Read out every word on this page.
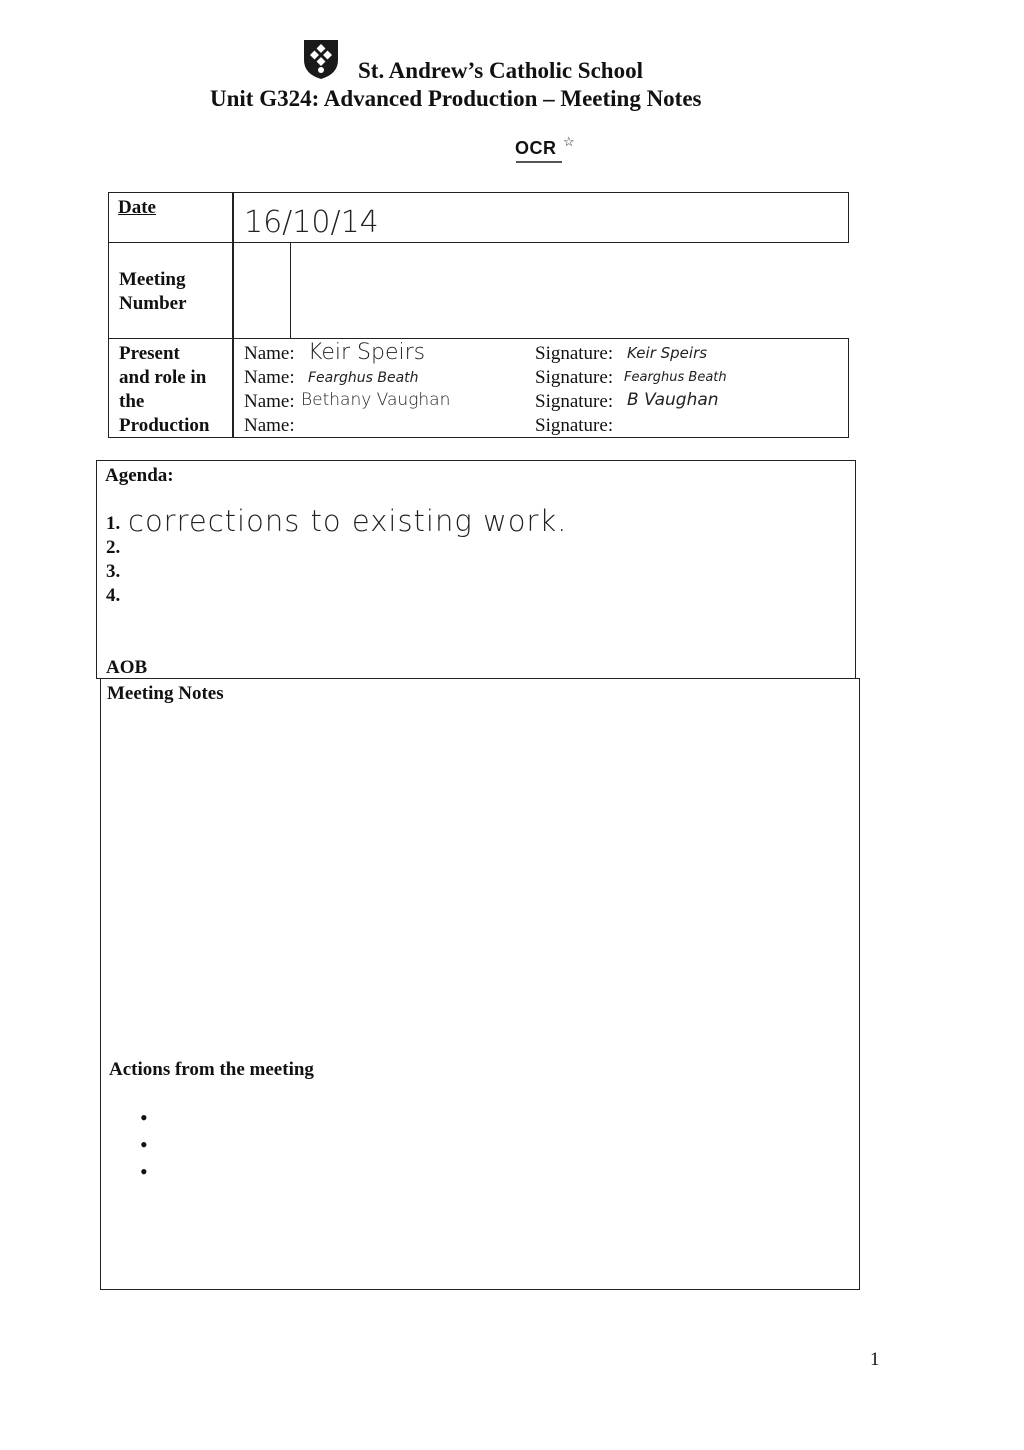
St. Andrew’s Catholic School
Unit G324: Advanced Production – Meeting Notes
OCR ☆
Date	16/10/14
Meeting
Number
Present
and role in
the
Production
Name: Keir Speirs	Signature: Keir Speirs
Name: Fearghus Beath	Signature: Fearghus Beath
Name: Bethany Vaughan	Signature: B Vaughan
Name:	Signature:
Agenda:
1. corrections to existing work.
2.
3.
4.
AOB
Meeting Notes
Actions from the meeting
•
•
•
1
